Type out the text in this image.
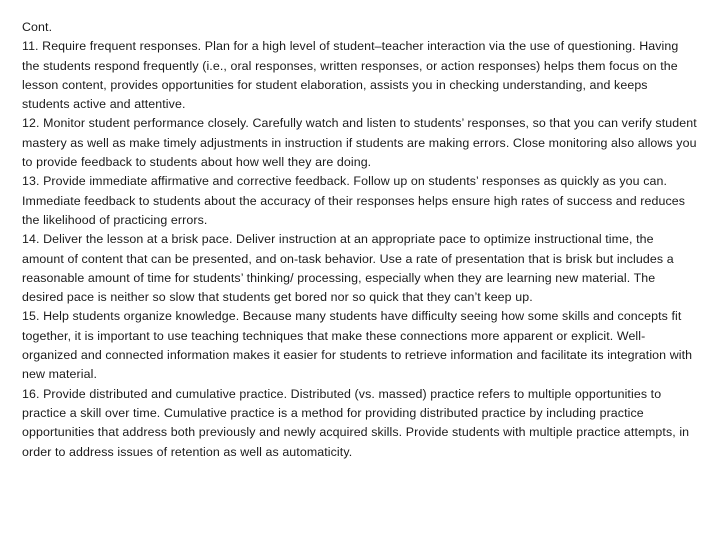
Cont.

11. Require frequent responses. Plan for a high level of student–teacher interaction via the use of questioning. Having the students respond frequently (i.e., oral responses, written responses, or action responses) helps them focus on the lesson content, provides opportunities for student elaboration, assists you in checking understanding, and keeps students active and attentive.

12. Monitor student performance closely. Carefully watch and listen to students’ responses, so that you can verify student mastery as well as make timely adjustments in instruction if students are making errors. Close monitoring also allows you to provide feedback to students about how well they are doing.

13. Provide immediate affirmative and corrective feedback. Follow up on students’ responses as quickly as you can. Immediate feedback to students about the accuracy of their responses helps ensure high rates of success and reduces the likelihood of practicing errors.

14. Deliver the lesson at a brisk pace. Deliver instruction at an appropriate pace to optimize instructional time, the amount of content that can be presented, and on-task behavior. Use a rate of presentation that is brisk but includes a reasonable amount of time for students’ thinking/ processing, especially when they are learning new material. The desired pace is neither so slow that students get bored nor so quick that they can’t keep up.

15. Help students organize knowledge. Because many students have difficulty seeing how some skills and concepts fit together, it is important to use teaching techniques that make these connections more apparent or explicit. Well-organized and connected information makes it easier for students to retrieve information and facilitate its integration with new material.

16. Provide distributed and cumulative practice. Distributed (vs. massed) practice refers to multiple opportunities to practice a skill over time. Cumulative practice is a method for providing distributed practice by including practice opportunities that address both previously and newly acquired skills. Provide students with multiple practice attempts, in order to address issues of retention as well as automaticity.
